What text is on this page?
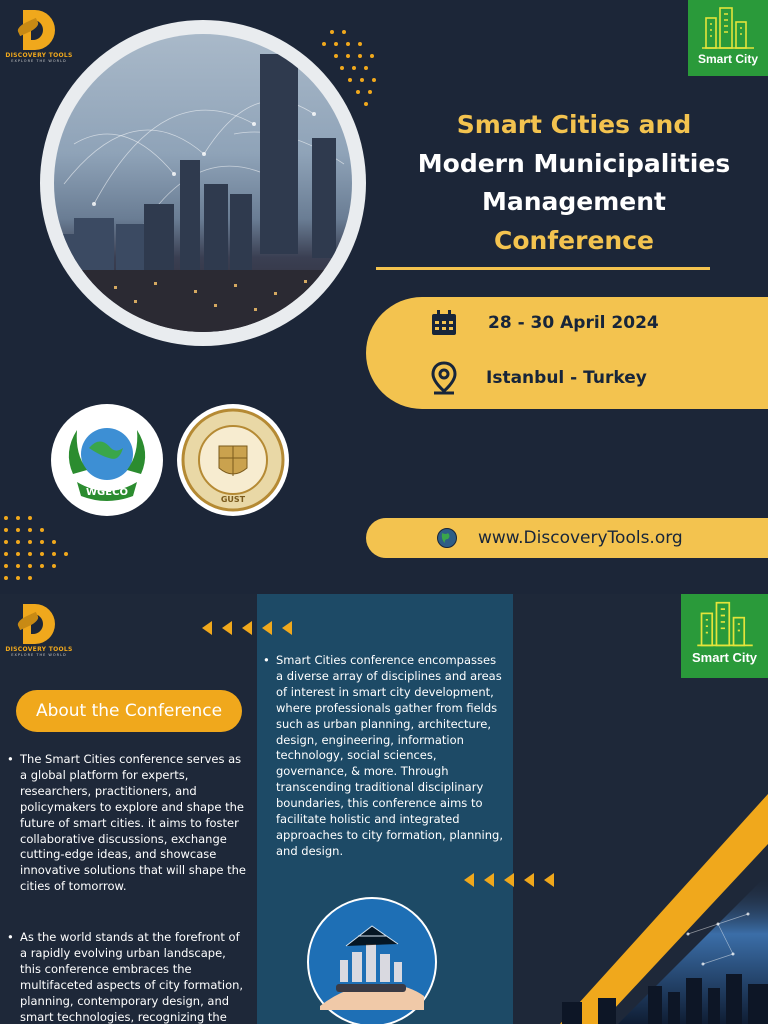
DISCOVERY TOOLS
EXPLORE THE WORLD	Smart City
Smart Cities and
Modern Municipalities
Management
Conference
28 - 30 April 2024
Istanbul - Turkey
WGECO
GUST
www.DiscoveryTools.org
DISCOVERY TOOLS
EXPLORE THE WORLD	Smart City
About the Conference
• The Smart Cities conference serves as a global platform for experts, researchers, practitioners, and policymakers to explore and shape the future of smart cities. it aims to foster collaborative discussions, exchange cutting-edge ideas, and showcase innovative solutions that will shape the cities of tomorrow.
• As the world stands at the forefront of a rapidly evolving urban landscape, this conference embraces the multifaceted aspects of city formation, planning, contemporary design, and smart technologies, recognizing the
• Smart Cities conference encompasses a diverse array of disciplines and areas of interest in smart city development, where professionals gather from fields such as urban planning, architecture, design, engineering, information technology, social sciences, governance, & more. Through transcending traditional disciplinary boundaries, this conference aims to facilitate holistic and integrated approaches to city formation, planning, and design.
